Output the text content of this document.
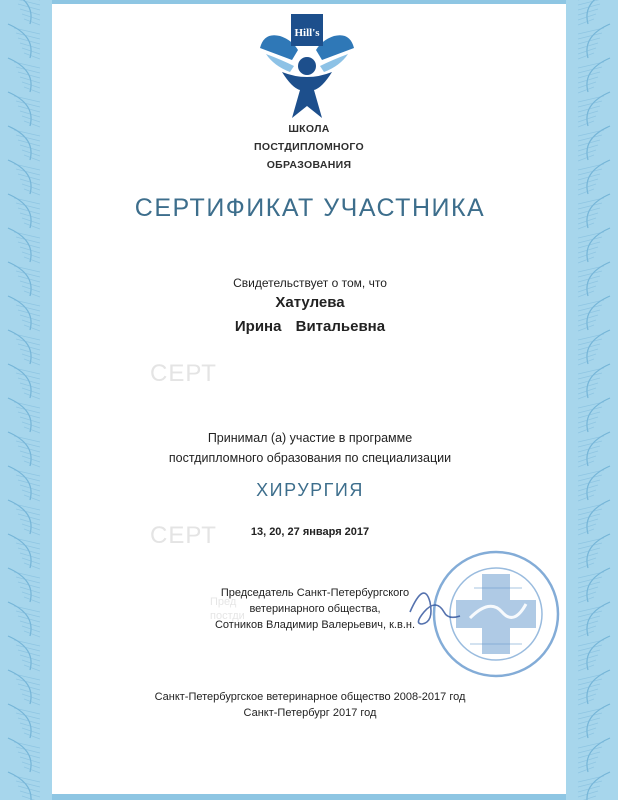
СЕРТ
СЕРТ
Пред
постди
Hill's
ШКОЛА
ПОСТДИПЛОМНОГО
ОБРАЗОВАНИЯ
СЕРТИФИКАТ УЧАСТНИКА
Свидетельствует о том, что
Хатулева
Ирина Витальевна
Принимал (а) участие в программе
постдипломного образования по специализации
ХИРУРГИЯ
13, 20, 27 января 2017
Председатель Санкт-Петербургского
ветеринарного общества,
Сотников Владимир Валерьевич, к.в.н.
Санкт-Петербургское ветеринарное общество 2008-2017 год
Санкт-Петербург 2017 год
